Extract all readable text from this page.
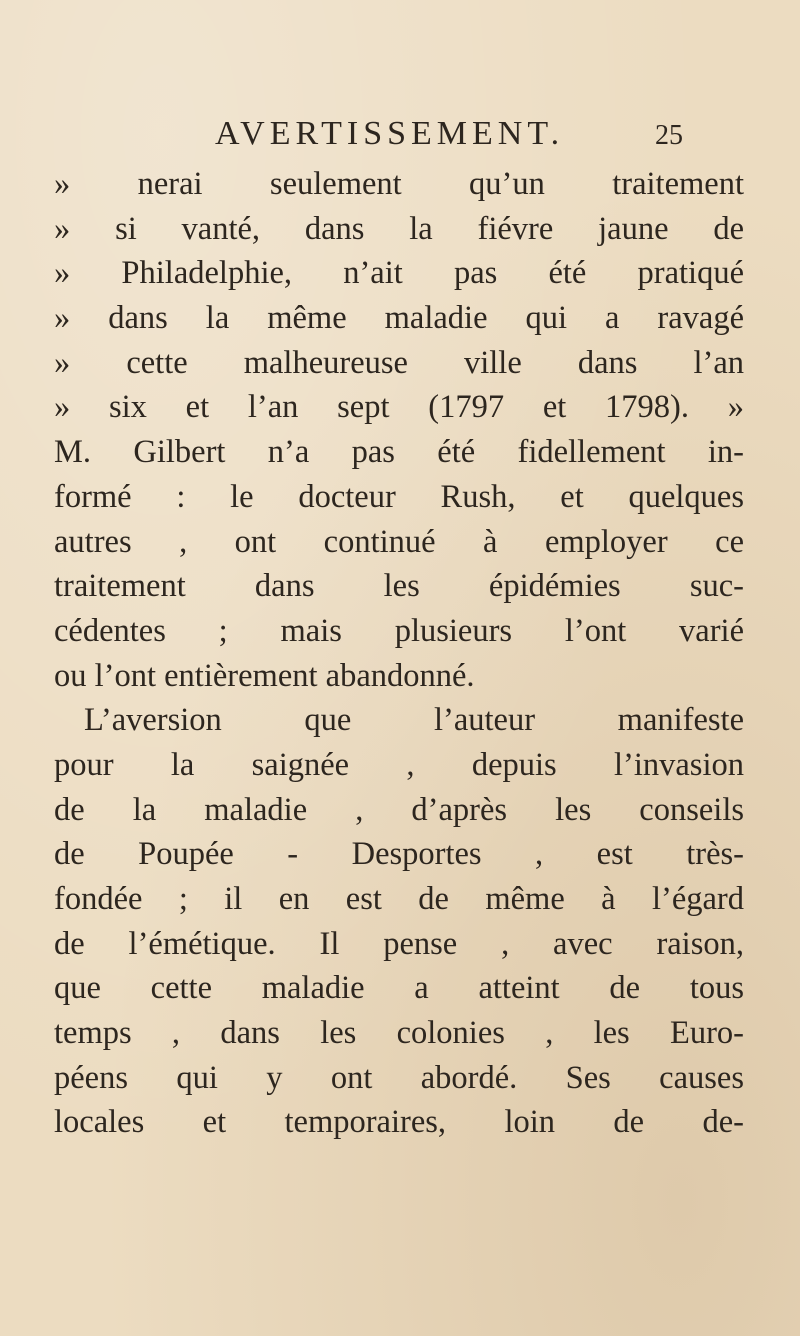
AVERTISSEMENT.	25
» nerai seulement qu’un traitement
» si vanté, dans la fiévre jaune de
» Philadelphie, n’ait pas été pratiqué
» dans la même maladie qui a ravagé
» cette malheureuse ville dans l’an
» six et l’an sept (1797 et 1798). »
M. Gilbert n’a pas été fidellement in-
formé : le docteur Rush, et quelques
autres , ont continué à employer ce
traitement dans les épidémies suc-
cédentes ; mais plusieurs l’ont varié
ou l’ont entièrement abandonné.
L’aversion que l’auteur manifeste
pour la saignée , depuis l’invasion
de la maladie , d’après les conseils
de Poupée - Desportes , est très-
fondée ; il en est de même à l’égard
de l’émétique. Il pense , avec raison,
que cette maladie a atteint de tous
temps , dans les colonies , les Euro-
péens qui y ont abordé. Ses causes
locales et temporaires, loin de de-
